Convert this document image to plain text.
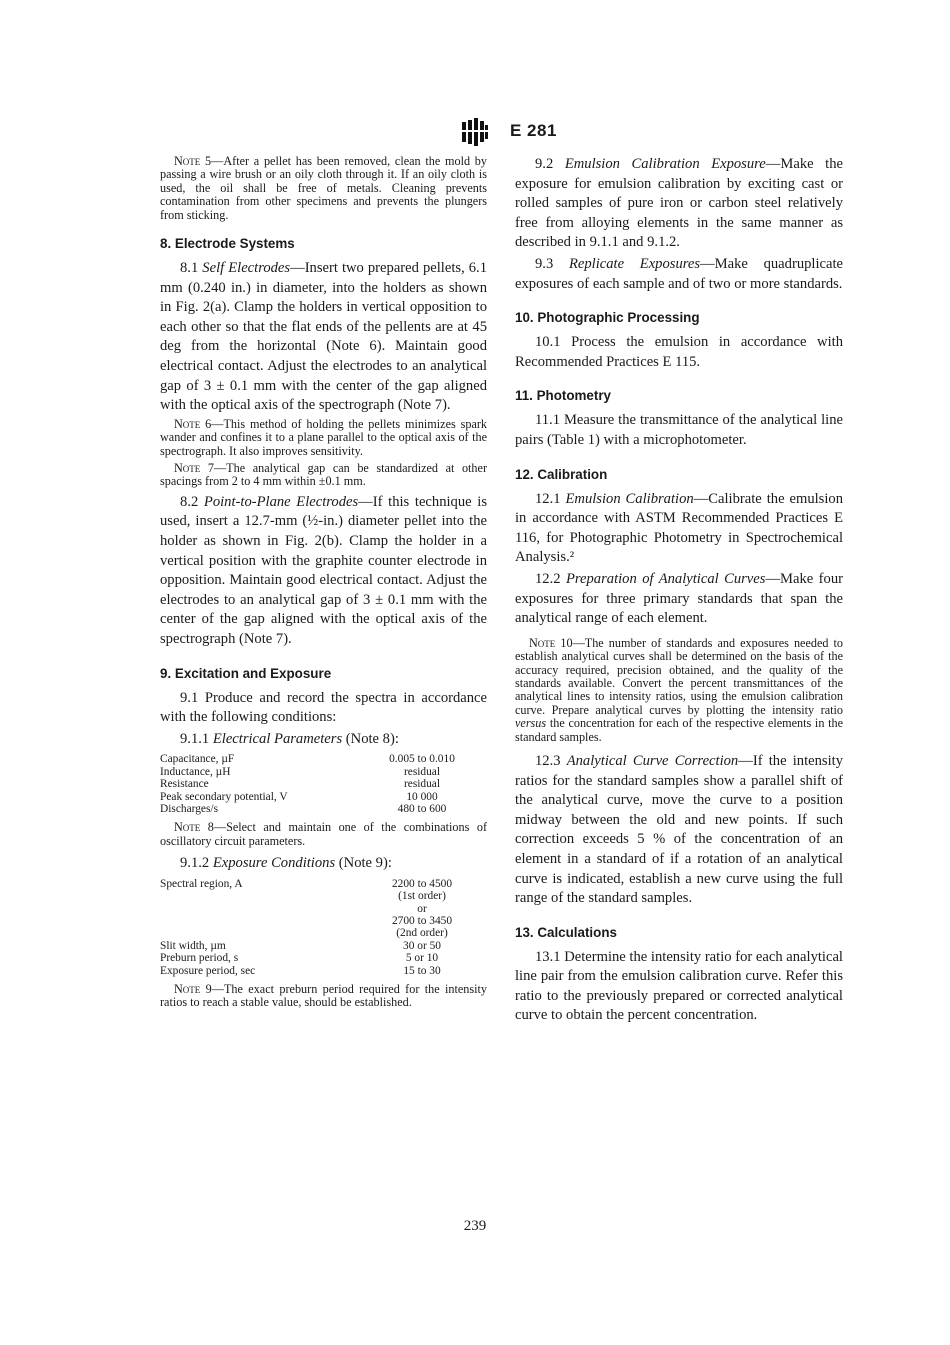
E 281

Note 5—After a pellet has been removed, clean the mold by passing a wire brush or an oily cloth through it. If an oily cloth is used, the oil shall be free of metals. Cleaning prevents contamination from other specimens and prevents the plungers from sticking.

8. Electrode Systems

8.1 Self Electrodes—Insert two prepared pellets, 6.1 mm (0.240 in.) in diameter, into the holders as shown in Fig. 2(a). Clamp the holders in vertical opposition to each other so that the flat ends of the pellents are at 45 deg from the horizontal (Note 6). Maintain good electrical contact. Adjust the electrodes to an analytical gap of 3 ± 0.1 mm with the center of the gap aligned with the optical axis of the spectrograph (Note 7).

Note 6—This method of holding the pellets minimizes spark wander and confines it to a plane parallel to the optical axis of the spectrograph. It also improves sensitivity.

Note 7—The analytical gap can be standardized at other spacings from 2 to 4 mm within ±0.1 mm.

8.2 Point-to-Plane Electrodes—If this technique is used, insert a 12.7-mm (½-in.) diameter pellet into the holder as shown in Fig. 2(b). Clamp the holder in a vertical position with the graphite counter electrode in opposition. Maintain good electrical contact. Adjust the electrodes to an analytical gap of 3 ± 0.1 mm with the center of the gap aligned with the optical axis of the spectrograph (Note 7).

9. Excitation and Exposure

9.1 Produce and record the spectra in accordance with the following conditions:

9.1.1 Electrical Parameters (Note 8):

Capacitance, µF	0.005 to 0.010
Inductance, µH	residual
Resistance	residual
Peak secondary potential, V	10 000
Discharges/s	480 to 600

Note 8—Select and maintain one of the combinations of oscillatory circuit parameters.

9.1.2 Exposure Conditions (Note 9):

Spectral region, A	2200 to 4500
	(1st order)
	or
	2700 to 3450
	(2nd order)
Slit width, µm	30 or 50
Preburn period, s	5 or 10
Exposure period, sec	15 to 30

Note 9—The exact preburn period required for the intensity ratios to reach a stable value, should be established.

9.2 Emulsion Calibration Exposure—Make the exposure for emulsion calibration by exciting cast or rolled samples of pure iron or carbon steel relatively free from alloying elements in the same manner as described in 9.1.1 and 9.1.2.

9.3 Replicate Exposures—Make quadruplicate exposures of each sample and of two or more standards.

10. Photographic Processing

10.1 Process the emulsion in accordance with Recommended Practices E 115.

11. Photometry

11.1 Measure the transmittance of the analytical line pairs (Table 1) with a microphotometer.

12. Calibration

12.1 Emulsion Calibration—Calibrate the emulsion in accordance with ASTM Recommended Practices E 116, for Photographic Photometry in Spectrochemical Analysis.²

12.2 Preparation of Analytical Curves—Make four exposures for three primary standards that span the analytical range of each element.

Note 10—The number of standards and exposures needed to establish analytical curves shall be determined on the basis of the accuracy required, precision obtained, and the quality of the standards available. Convert the percent transmittances of the analytical lines to intensity ratios, using the emulsion calibration curve. Prepare analytical curves by plotting the intensity ratio versus the concentration for each of the respective elements in the standard samples.

12.3 Analytical Curve Correction—If the intensity ratios for the standard samples show a parallel shift of the analytical curve, move the curve to a position midway between the old and new points. If such correction exceeds 5 % of the concentration of an element in a standard of if a rotation of an analytical curve is indicated, establish a new curve using the full range of the standard samples.

13. Calculations

13.1 Determine the intensity ratio for each analytical line pair from the emulsion calibration curve. Refer this ratio to the previously prepared or corrected analytical curve to obtain the percent concentration.

239
